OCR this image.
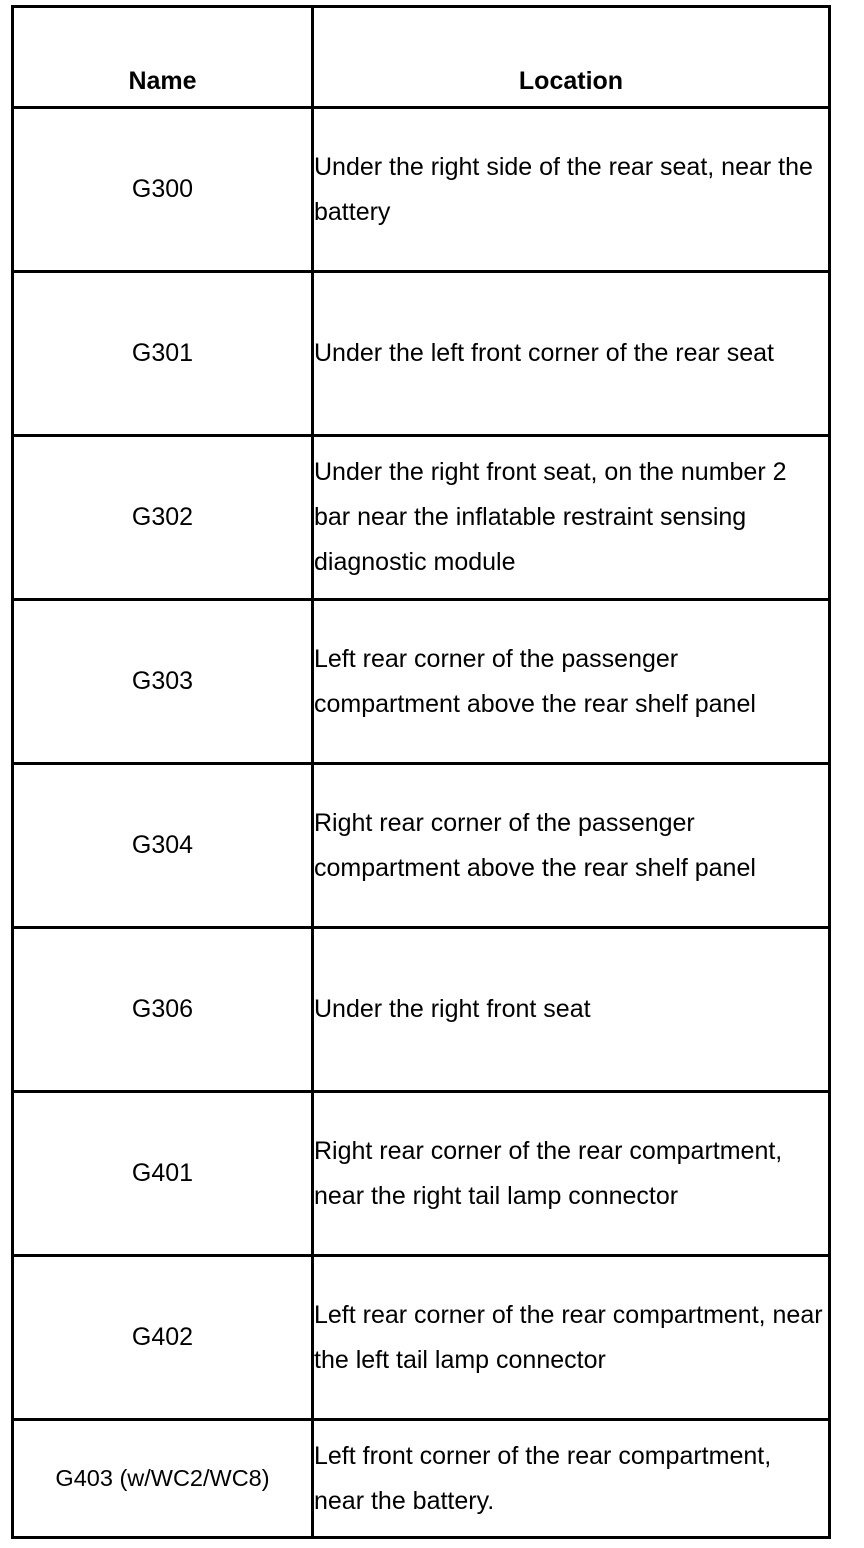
Name	Location
G300	Under the right side of the rear seat, near the battery
G301	Under the left front corner of the rear seat
G302	Under the right front seat, on the number 2 bar near the inflatable restraint sensing diagnostic module
G303	Left rear corner of the passenger compartment above the rear shelf panel
G304	Right rear corner of the passenger compartment above the rear shelf panel
G306	Under the right front seat
G401	Right rear corner of the rear compartment, near the right tail lamp connector
G402	Left rear corner of the rear compartment, near the left tail lamp connector
G403 (w/WC2/WC8)	Left front corner of the rear compartment, near the battery.
